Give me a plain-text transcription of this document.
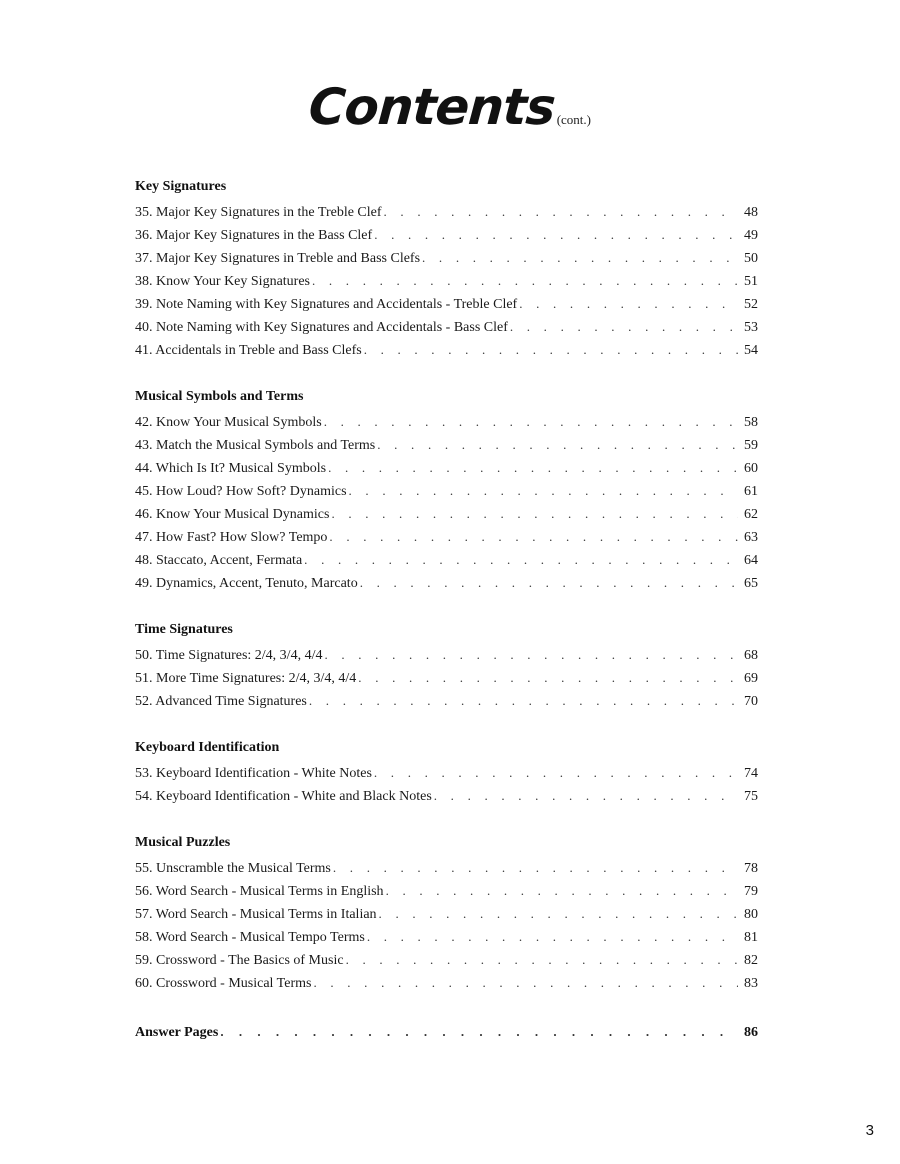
Contents(cont.)
Key Signatures
35. Major Key Signatures in the Treble Clef . . .	48
36. Major Key Signatures in the Bass Clef . . .	49
37. Major Key Signatures in Treble and Bass Clefs . . .	50
38. Know Your Key Signatures . . .	51
39. Note Naming with Key Signatures and Accidentals - Treble Clef . . .	52
40. Note Naming with Key Signatures and Accidentals - Bass Clef . . .	53
41. Accidentals in Treble and Bass Clefs . . .	54
Musical Symbols and Terms
42. Know Your Musical Symbols . . .	58
43. Match the Musical Symbols and Terms . . .	59
44. Which Is It? Musical Symbols . . .	60
45. How Loud? How Soft? Dynamics . . .	61
46. Know Your Musical Dynamics . . .	62
47. How Fast? How Slow? Tempo . . .	63
48. Staccato, Accent, Fermata . . .	64
49. Dynamics, Accent, Tenuto, Marcato . . .	65
Time Signatures
50. Time Signatures: 2/4, 3/4, 4/4 . . .	68
51. More Time Signatures: 2/4, 3/4, 4/4 . . .	69
52. Advanced Time Signatures . . .	70
Keyboard Identification
53. Keyboard Identification - White Notes . . .	74
54. Keyboard Identification - White and Black Notes . . .	75
Musical Puzzles
55. Unscramble the Musical Terms . . .	78
56. Word Search - Musical Terms in English . . .	79
57. Word Search - Musical Terms in Italian . . .	80
58. Word Search - Musical Tempo Terms . . .	81
59. Crossword - The Basics of Music . . .	82
60. Crossword - Musical Terms . . .	83
Answer Pages . . .	86
3
